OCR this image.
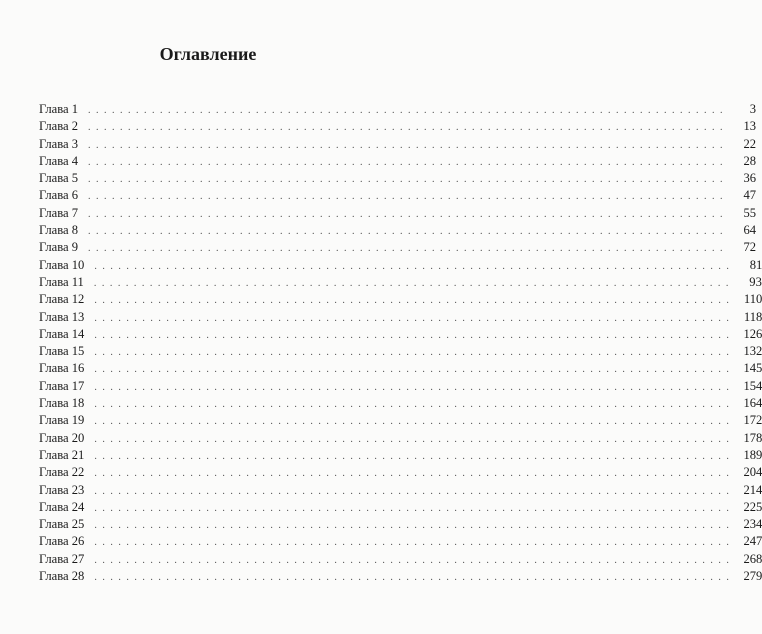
Оглавление
Глава 1 . . . . . . . . . . . . . . . . . . . . . . . . . . . . . . . . . . . . . . . . . . . . . . . . . . . . . . . . . . . . . . . . . . . . . . . . . . . . . . . .	3
Глава 2 . . . . . . . . . . . . . . . . . . . . . . . . . . . . . . . . . . . . . . . . . . . . . . . . . . . . . . . . . . . . . . . . . . . . . . . . . . . . . . . .	13
Глава 3 . . . . . . . . . . . . . . . . . . . . . . . . . . . . . . . . . . . . . . . . . . . . . . . . . . . . . . . . . . . . . . . . . . . . . . . . . . . . . . . .	22
Глава 4 . . . . . . . . . . . . . . . . . . . . . . . . . . . . . . . . . . . . . . . . . . . . . . . . . . . . . . . . . . . . . . . . . . . . . . . . . . . . . . . .	28
Глава 5 . . . . . . . . . . . . . . . . . . . . . . . . . . . . . . . . . . . . . . . . . . . . . . . . . . . . . . . . . . . . . . . . . . . . . . . . . . . . . . . .	36
Глава 6 . . . . . . . . . . . . . . . . . . . . . . . . . . . . . . . . . . . . . . . . . . . . . . . . . . . . . . . . . . . . . . . . . . . . . . . . . . . . . . . .	47
Глава 7 . . . . . . . . . . . . . . . . . . . . . . . . . . . . . . . . . . . . . . . . . . . . . . . . . . . . . . . . . . . . . . . . . . . . . . . . . . . . . . . .	55
Глава 8 . . . . . . . . . . . . . . . . . . . . . . . . . . . . . . . . . . . . . . . . . . . . . . . . . . . . . . . . . . . . . . . . . . . . . . . . . . . . . . . .	64
Глава 9 . . . . . . . . . . . . . . . . . . . . . . . . . . . . . . . . . . . . . . . . . . . . . . . . . . . . . . . . . . . . . . . . . . . . . . . . . . . . . . . .	72
Глава 10 . . . . . . . . . . . . . . . . . . . . . . . . . . . . . . . . . . . . . . . . . . . . . . . . . . . . . . . . . . . . . . . . . . . . . . . . . . . . . . . .	81
Глава 11 . . . . . . . . . . . . . . . . . . . . . . . . . . . . . . . . . . . . . . . . . . . . . . . . . . . . . . . . . . . . . . . . . . . . . . . . . . . . . . . .	93
Глава 12 . . . . . . . . . . . . . . . . . . . . . . . . . . . . . . . . . . . . . . . . . . . . . . . . . . . . . . . . . . . . . . . . . . . . . . . . . . . . . . . . 110
Глава 13 . . . . . . . . . . . . . . . . . . . . . . . . . . . . . . . . . . . . . . . . . . . . . . . . . . . . . . . . . . . . . . . . . . . . . . . . . . . . . . . . 118
Глава 14 . . . . . . . . . . . . . . . . . . . . . . . . . . . . . . . . . . . . . . . . . . . . . . . . . . . . . . . . . . . . . . . . . . . . . . . . . . . . . . . . 126
Глава 15 . . . . . . . . . . . . . . . . . . . . . . . . . . . . . . . . . . . . . . . . . . . . . . . . . . . . . . . . . . . . . . . . . . . . . . . . . . . . . . . . 132
Глава 16 . . . . . . . . . . . . . . . . . . . . . . . . . . . . . . . . . . . . . . . . . . . . . . . . . . . . . . . . . . . . . . . . . . . . . . . . . . . . . . . . 145
Глава 17 . . . . . . . . . . . . . . . . . . . . . . . . . . . . . . . . . . . . . . . . . . . . . . . . . . . . . . . . . . . . . . . . . . . . . . . . . . . . . . . . 154
Глава 18 . . . . . . . . . . . . . . . . . . . . . . . . . . . . . . . . . . . . . . . . . . . . . . . . . . . . . . . . . . . . . . . . . . . . . . . . . . . . . . . . 164
Глава 19 . . . . . . . . . . . . . . . . . . . . . . . . . . . . . . . . . . . . . . . . . . . . . . . . . . . . . . . . . . . . . . . . . . . . . . . . . . . . . . . . 172
Глава 20 . . . . . . . . . . . . . . . . . . . . . . . . . . . . . . . . . . . . . . . . . . . . . . . . . . . . . . . . . . . . . . . . . . . . . . . . . . . . . . . . 178
Глава 21 . . . . . . . . . . . . . . . . . . . . . . . . . . . . . . . . . . . . . . . . . . . . . . . . . . . . . . . . . . . . . . . . . . . . . . . . . . . . . . . . 189
Глава 22 . . . . . . . . . . . . . . . . . . . . . . . . . . . . . . . . . . . . . . . . . . . . . . . . . . . . . . . . . . . . . . . . . . . . . . . . . . . . . . . . 204
Глава 23 . . . . . . . . . . . . . . . . . . . . . . . . . . . . . . . . . . . . . . . . . . . . . . . . . . . . . . . . . . . . . . . . . . . . . . . . . . . . . . . . 214
Глава 24 . . . . . . . . . . . . . . . . . . . . . . . . . . . . . . . . . . . . . . . . . . . . . . . . . . . . . . . . . . . . . . . . . . . . . . . . . . . . . . . . 225
Глава 25 . . . . . . . . . . . . . . . . . . . . . . . . . . . . . . . . . . . . . . . . . . . . . . . . . . . . . . . . . . . . . . . . . . . . . . . . . . . . . . . . 234
Глава 26 . . . . . . . . . . . . . . . . . . . . . . . . . . . . . . . . . . . . . . . . . . . . . . . . . . . . . . . . . . . . . . . . . . . . . . . . . . . . . . . . 247
Глава 27 . . . . . . . . . . . . . . . . . . . . . . . . . . . . . . . . . . . . . . . . . . . . . . . . . . . . . . . . . . . . . . . . . . . . . . . . . . . . . . . . 268
Глава 28 . . . . . . . . . . . . . . . . . . . . . . . . . . . . . . . . . . . . . . . . . . . . . . . . . . . . . . . . . . . . . . . . . . . . . . . . . . . . . . . . 279
